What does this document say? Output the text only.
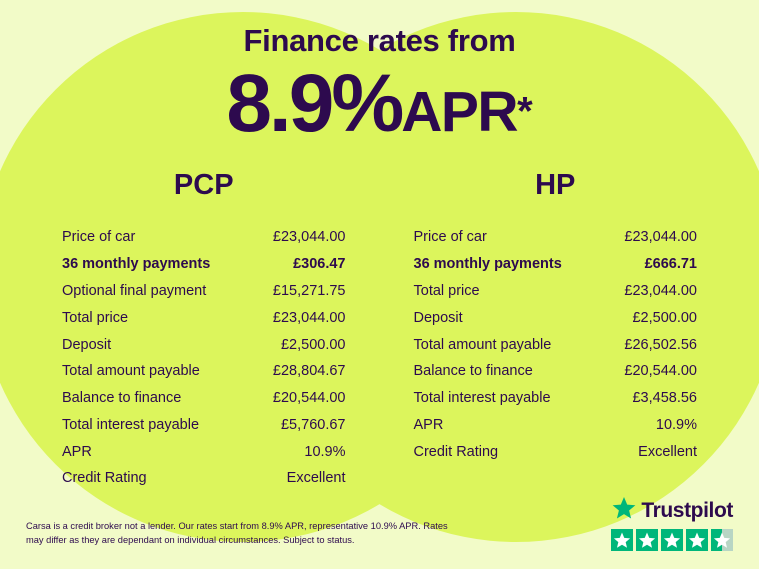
Finance rates from
8.9%APR*
PCP
Price of car	£23,044.00
36 monthly payments	£306.47
Optional final payment	£15,271.75
Total price	£23,044.00
Deposit	£2,500.00
Total amount payable	£28,804.67
Balance to finance	£20,544.00
Total interest payable	£5,760.67
APR	10.9%
Credit Rating	Excellent
HP
Price of car	£23,044.00
36 monthly payments	£666.71
Total price	£23,044.00
Deposit	£2,500.00
Total amount payable	£26,502.56
Balance to finance	£20,544.00
Total interest payable	£3,458.56
APR	10.9%
Credit Rating	Excellent
Carsa is a credit broker not a lender. Our rates start from 8.9% APR, representative 10.9% APR. Rates may differ as they are dependant on individual circumstances. Subject to status.
Trustpilot
